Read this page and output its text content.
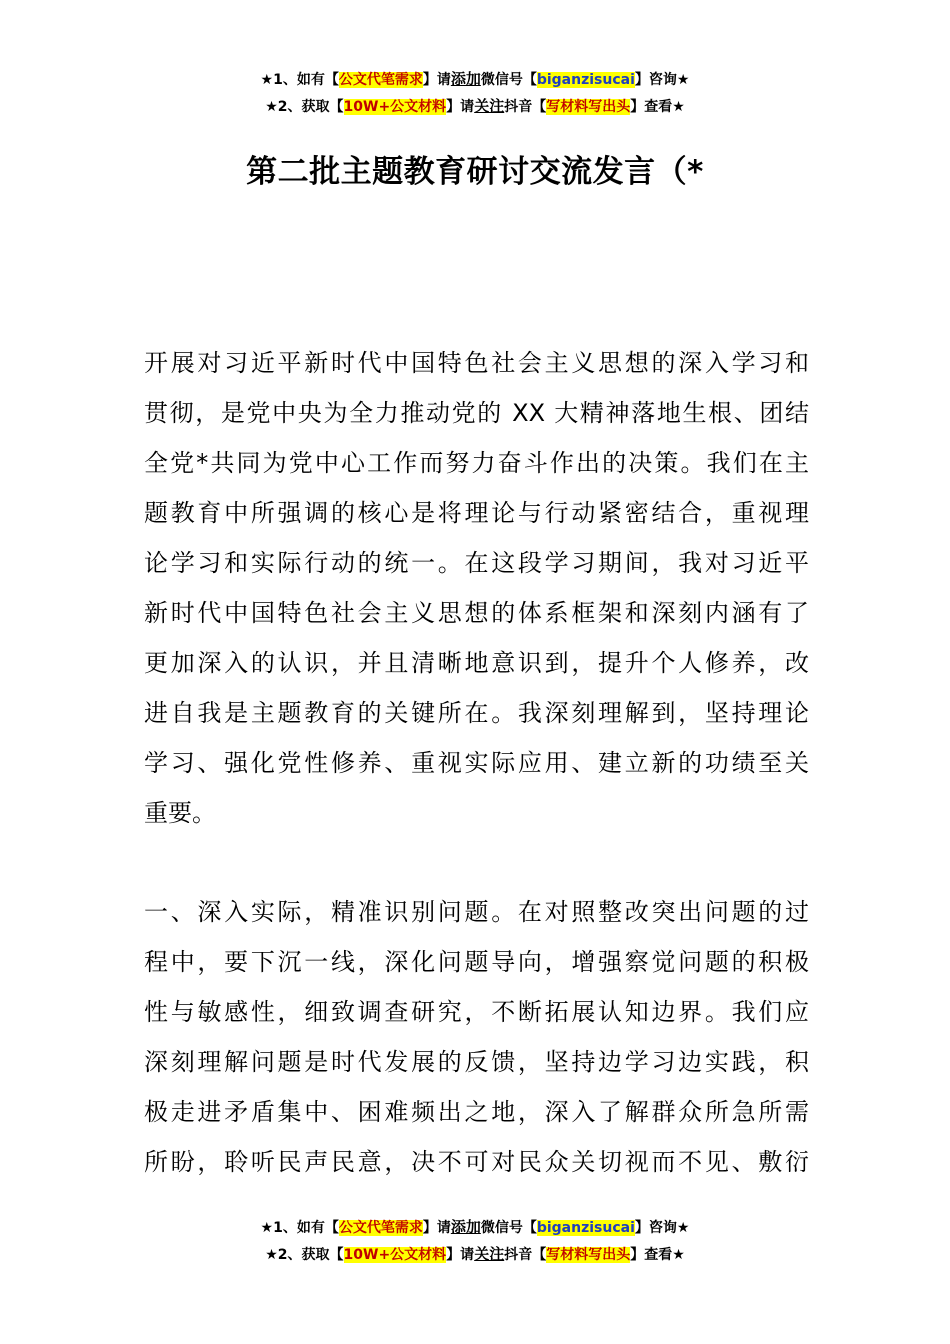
★1、如有【公文代笔需求】请添加微信号【biganzisucai】咨询★
★2、获取【10W+公文材料】请关注抖音【写材料写出头】查看★
第二批主题教育研讨交流发言（*
开展对习近平新时代中国特色社会主义思想的深入学习和
贯彻，是党中央为全力推动党的 XX 大精神落地生根、团结
全党*共同为党中心工作而努力奋斗作出的决策。我们在主
题教育中所强调的核心是将理论与行动紧密结合，重视理
论学习和实际行动的统一。在这段学习期间，我对习近平
新时代中国特色社会主义思想的体系框架和深刻内涵有了
更加深入的认识，并且清晰地意识到，提升个人修养，改
进自我是主题教育的关键所在。我深刻理解到，坚持理论
学习、强化党性修养、重视实际应用、建立新的功绩至关
重要。
一、深入实际，精准识别问题。在对照整改突出问题的过
程中，要下沉一线，深化问题导向，增强察觉问题的积极
性与敏感性，细致调查研究，不断拓展认知边界。我们应
深刻理解问题是时代发展的反馈，坚持边学习边实践，积
极走进矛盾集中、困难频出之地，深入了解群众所急所需
所盼，聆听民声民意，决不可对民众关切视而不见、敷衍
★1、如有【公文代笔需求】请添加微信号【biganzisucai】咨询★
★2、获取【10W+公文材料】请关注抖音【写材料写出头】查看★
